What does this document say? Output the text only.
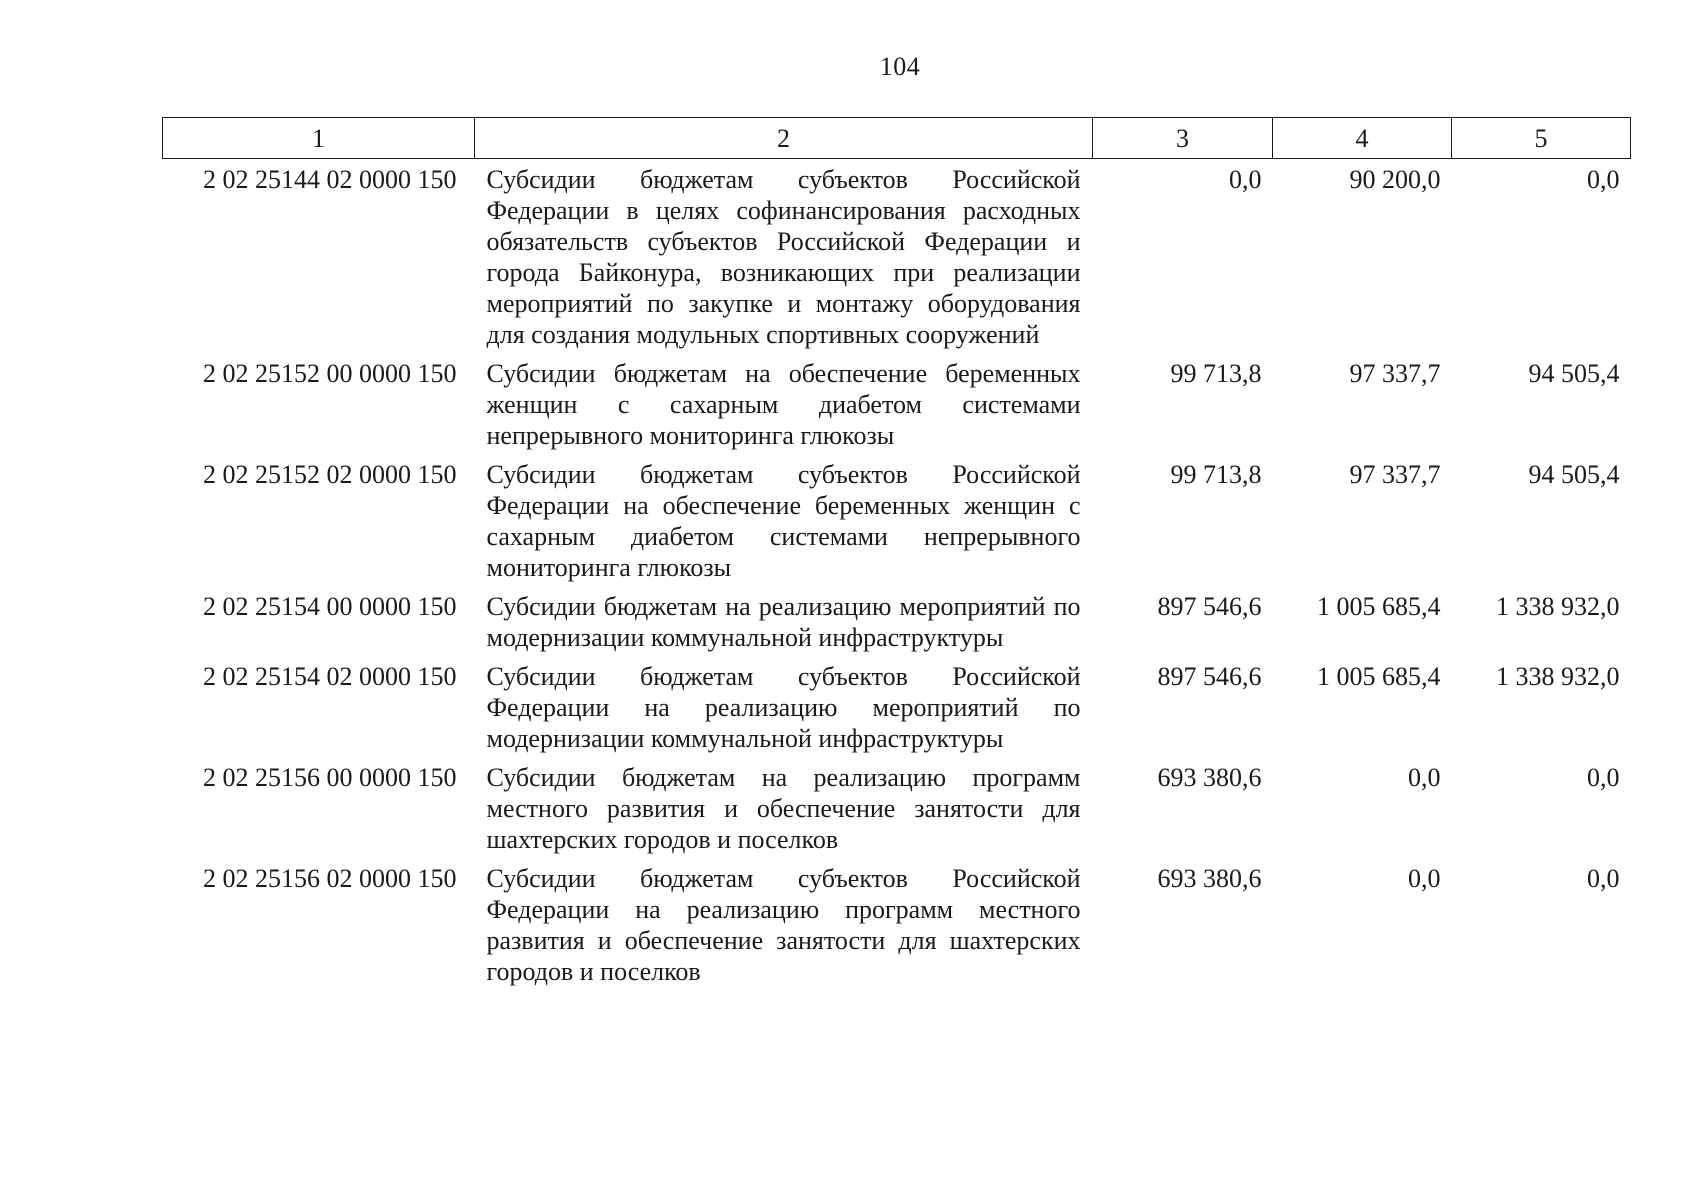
104
1	2	3	4	5
2 02 25144 02 0000 150	Субсидии бюджетам субъектов Российской Федерации в целях софинансирования расходных обязательств субъектов Российской Федерации и города Байконура, возникающих при реализации мероприятий по закупке и монтажу оборудования для создания модульных спортивных сооружений	0,0	90 200,0	0,0
2 02 25152 00 0000 150	Субсидии бюджетам на обеспечение беременных женщин с сахарным диабетом системами непрерывного мониторинга глюкозы	99 713,8	97 337,7	94 505,4
2 02 25152 02 0000 150	Субсидии бюджетам субъектов Российской Федерации на обеспечение беременных женщин с сахарным диабетом системами непрерывного мониторинга глюкозы	99 713,8	97 337,7	94 505,4
2 02 25154 00 0000 150	Субсидии бюджетам на реализацию мероприятий по модернизации коммунальной инфраструктуры	897 546,6	1 005 685,4	1 338 932,0
2 02 25154 02 0000 150	Субсидии бюджетам субъектов Российской Федерации на реализацию мероприятий по модернизации коммунальной инфраструктуры	897 546,6	1 005 685,4	1 338 932,0
2 02 25156 00 0000 150	Субсидии бюджетам на реализацию программ местного развития и обеспечение занятости для шахтерских городов и поселков	693 380,6	0,0	0,0
2 02 25156 02 0000 150	Субсидии бюджетам субъектов Российской Федерации на реализацию программ местного развития и обеспечение занятости для шахтерских городов и поселков	693 380,6	0,0	0,0
